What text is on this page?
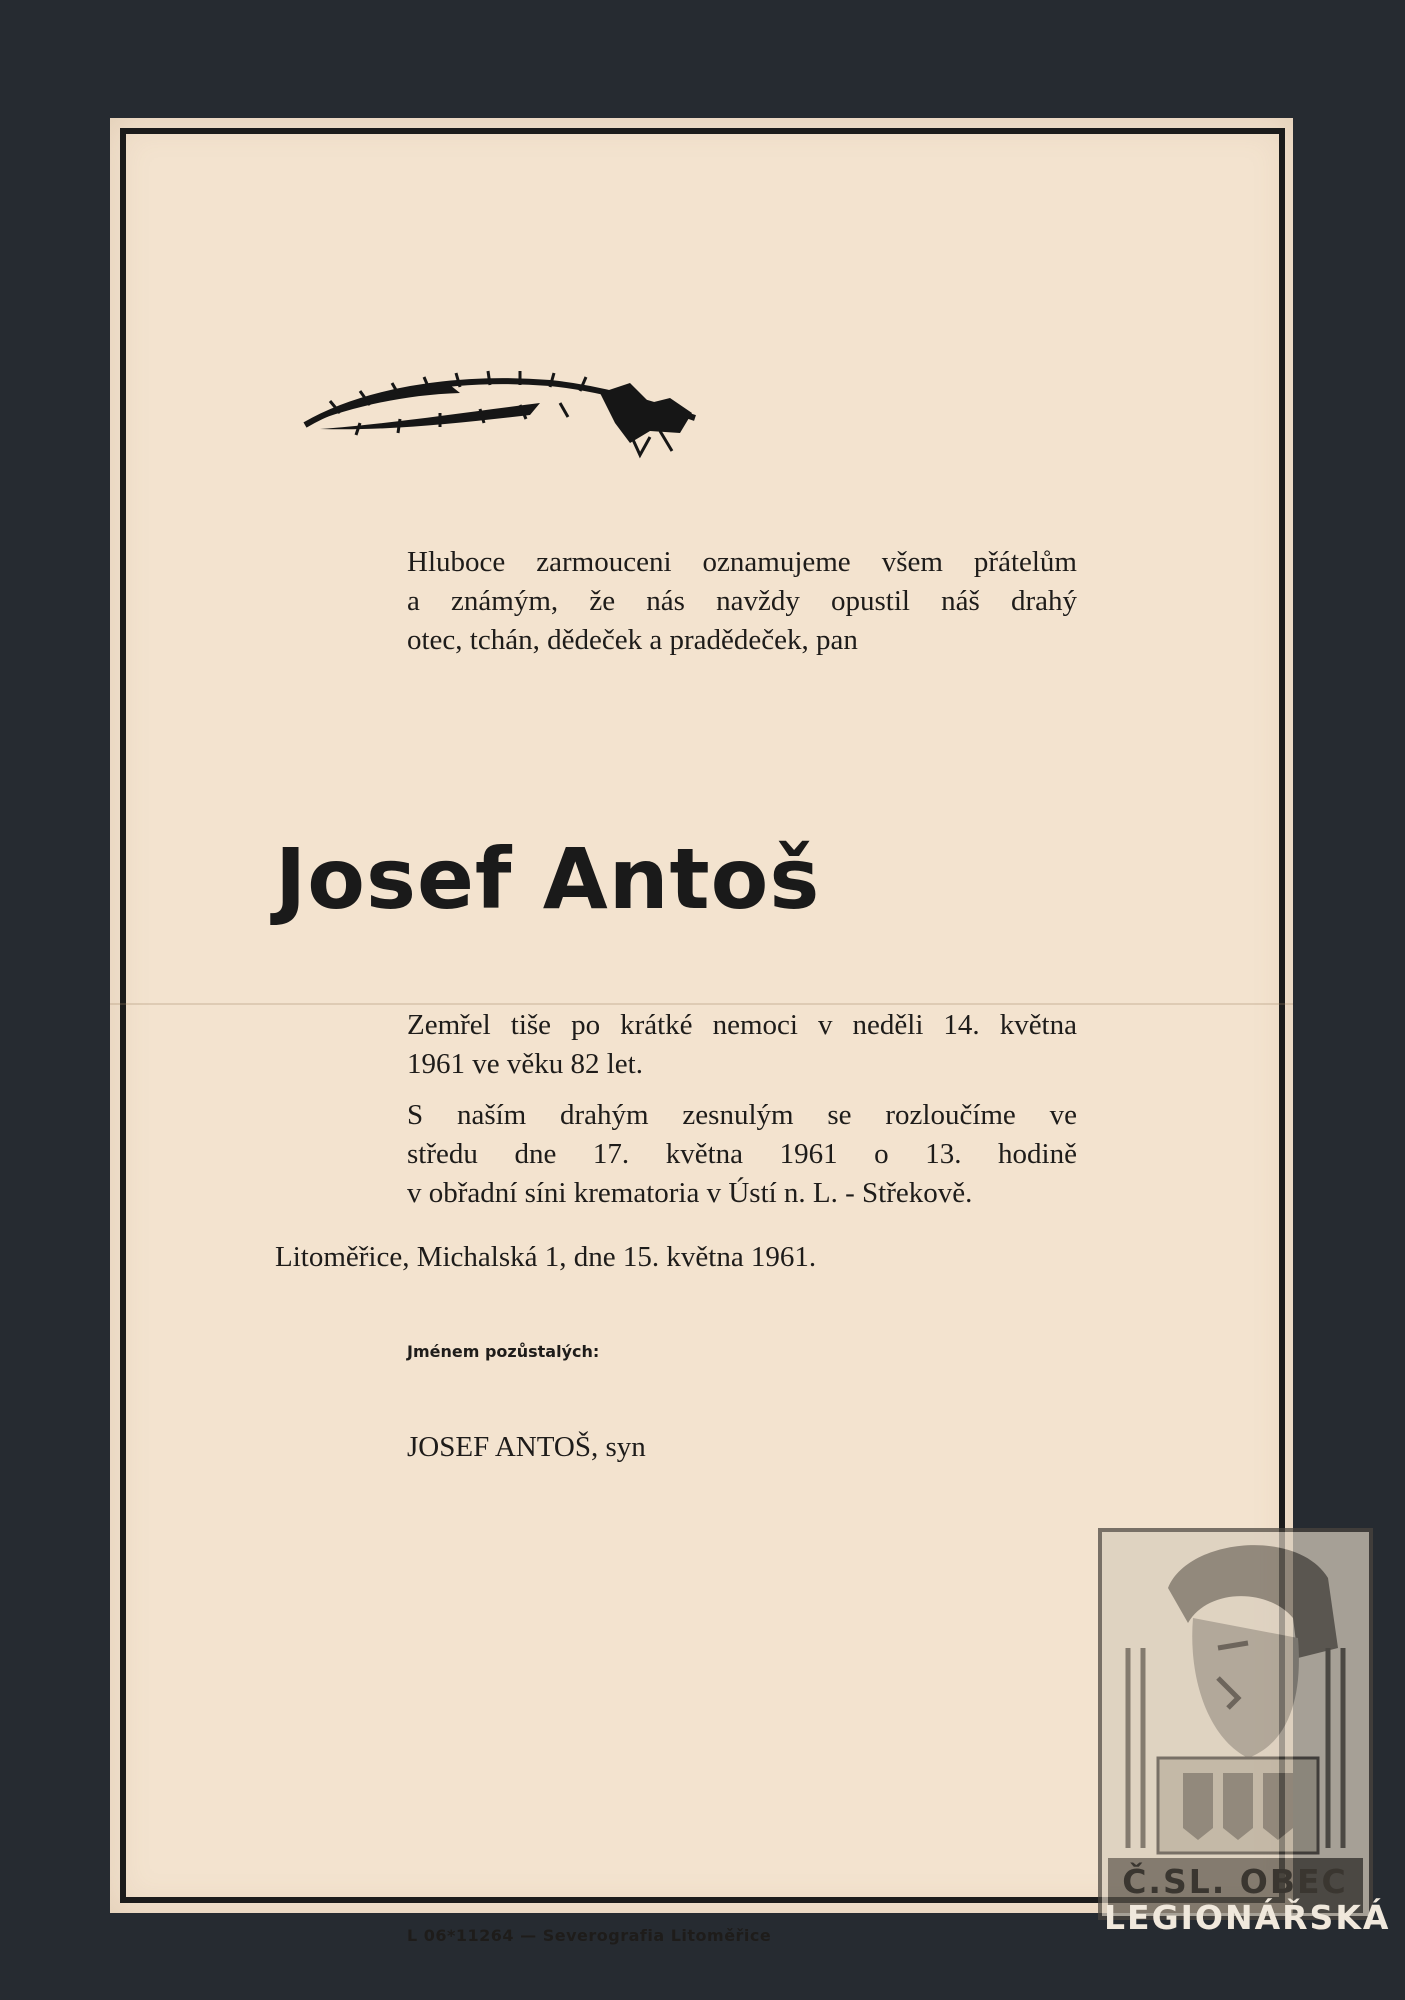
Hluboce zarmouceni oznamujeme všem přátelům
a známým, že nás navždy opustil náš drahý
otec, tchán, dědeček a pradědeček, pan
Josef Antoš
Zemřel tiše po krátké nemoci v neděli 14. května
1961 ve věku 82 let.
S naším drahým zesnulým se rozloučíme ve
středu dne 17. května 1961 o 13. hodině
v obřadní síni krematoria v Ústí n. L. - Střekově.
Litoměřice, Michalská 1, dne 15. května 1961.
Jménem pozůstalých:
JOSEF ANTOŠ, syn
L 06*11264 — Severografia Litoměřice
Č.SL. OBEC
LEGIONÁŘSKÁ
